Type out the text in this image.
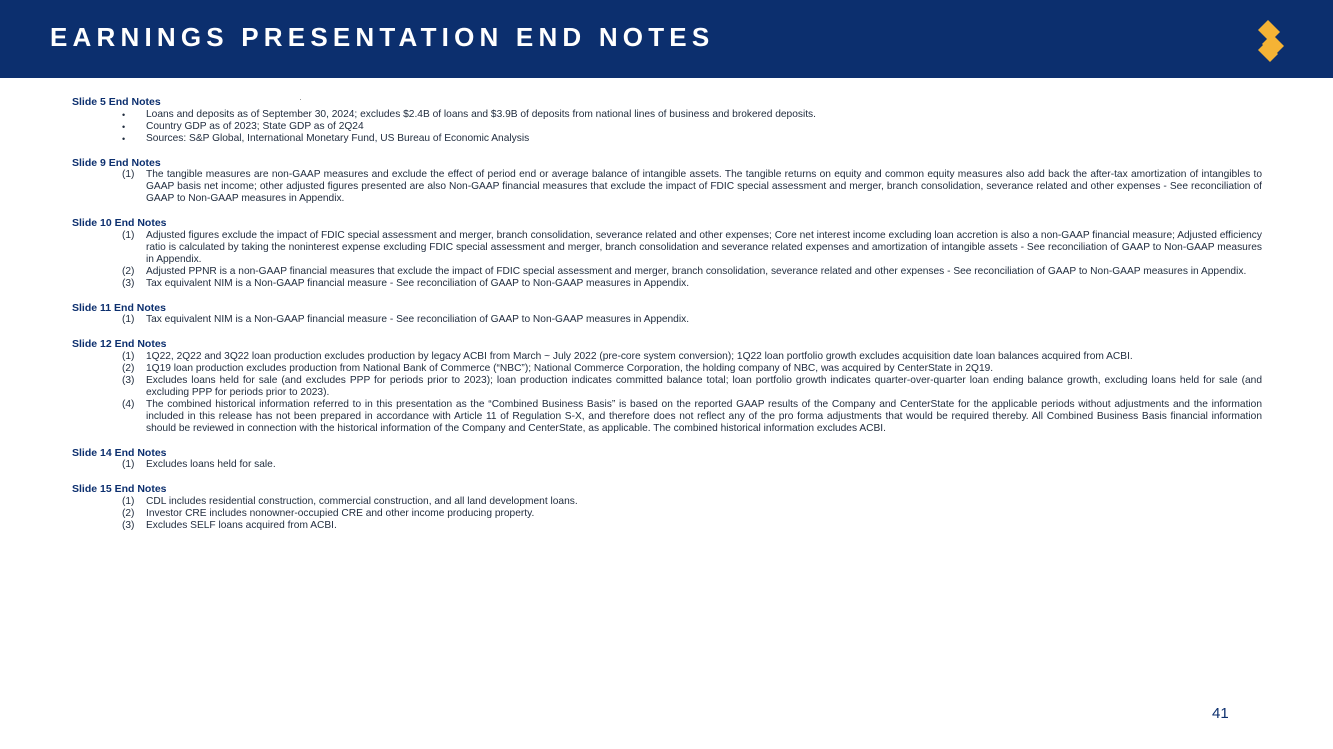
EARNINGS PRESENTATION END NOTES
Slide 5 End Notes
• Loans and deposits as of September 30, 2024; excludes $2.4B of loans and $3.9B of deposits from national lines of business and brokered deposits.
• Country GDP as of 2023; State GDP as of 2Q24
• Sources: S&P Global, International Monetary Fund, US Bureau of Economic Analysis
Slide 9 End Notes
(1) The tangible measures are non-GAAP measures and exclude the effect of period end or average balance of intangible assets. The tangible returns on equity and common equity measures also add back the after-tax amortization of intangibles to GAAP basis net income; other adjusted figures presented are also Non-GAAP financial measures that exclude the impact of FDIC special assessment and merger, branch consolidation, severance related and other expenses - See reconciliation of GAAP to Non-GAAP measures in Appendix.
Slide 10 End Notes
(1) Adjusted figures exclude the impact of FDIC special assessment and merger, branch consolidation, severance related and other expenses; Core net interest income excluding loan accretion is also a non-GAAP financial measure; Adjusted efficiency ratio is calculated by taking the noninterest expense excluding FDIC special assessment and merger, branch consolidation and severance related expenses and amortization of intangible assets - See reconciliation of GAAP to Non-GAAP measures in Appendix.
(2) Adjusted PPNR is a non-GAAP financial measures that exclude the impact of FDIC special assessment and merger, branch consolidation, severance related and other expenses - See reconciliation of GAAP to Non-GAAP measures in Appendix.
(3) Tax equivalent NIM is a Non-GAAP financial measure - See reconciliation of GAAP to Non-GAAP measures in Appendix.
Slide 11 End Notes
(1) Tax equivalent NIM is a Non-GAAP financial measure - See reconciliation of GAAP to Non-GAAP measures in Appendix.
Slide 12 End Notes
(1) 1Q22, 2Q22 and 3Q22 loan production excludes production by legacy ACBI from March ~ July 2022 (pre-core system conversion); 1Q22 loan portfolio growth excludes acquisition date loan balances acquired from ACBI.
(2) 1Q19 loan production excludes production from National Bank of Commerce (“NBC”); National Commerce Corporation, the holding company of NBC, was acquired by CenterState in 2Q19.
(3) Excludes loans held for sale (and excludes PPP for periods prior to 2023); loan production indicates committed balance total; loan portfolio growth indicates quarter-over-quarter loan ending balance growth, excluding loans held for sale (and excluding PPP for periods prior to 2023).
(4) The combined historical information referred to in this presentation as the “Combined Business Basis” is based on the reported GAAP results of the Company and CenterState for the applicable periods without adjustments and the information included in this release has not been prepared in accordance with Article 11 of Regulation S-X, and therefore does not reflect any of the pro forma adjustments that would be required thereby. All Combined Business Basis financial information should be reviewed in connection with the historical information of the Company and CenterState, as applicable. The combined historical information excludes ACBI.
Slide 14 End Notes
(1) Excludes loans held for sale.
Slide 15 End Notes
(1) CDL includes residential construction, commercial construction, and all land development loans.
(2) Investor CRE includes nonowner-occupied CRE and other income producing property.
(3) Excludes SELF loans acquired from ACBI.
41
